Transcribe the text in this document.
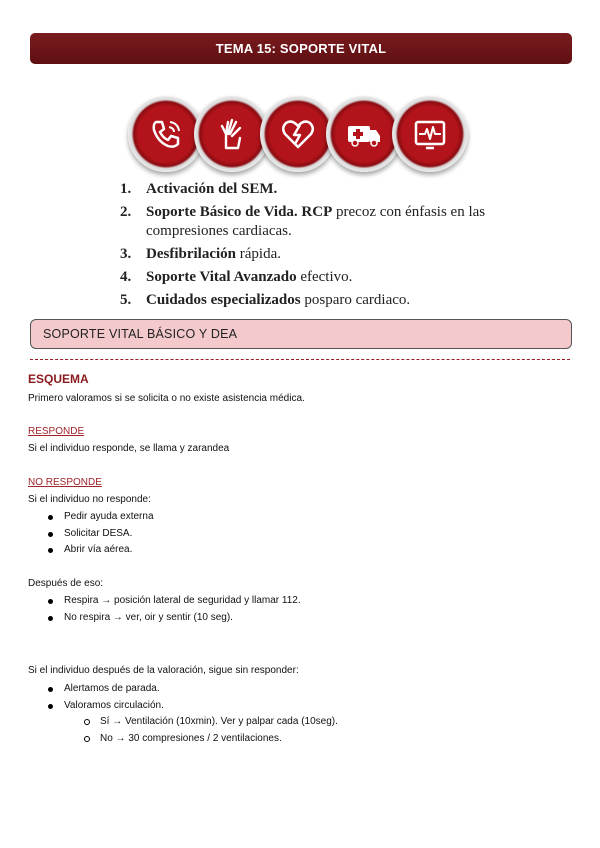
TEMA 15: SOPORTE VITAL
1. Activación del SEM.
2. Soporte Básico de Vida. RCP precoz con énfasis en las compresiones cardiacas.
3. Desfibrilación rápida.
4. Soporte Vital Avanzado efectivo.
5. Cuidados especializados posparo cardiaco.
SOPORTE VITAL BÁSICO Y DEA
ESQUEMA
Primero valoramos si se solicita o no existe asistencia médica.
RESPONDE
Si el individuo responde, se llama y zarandea
NO RESPONDE
Si el individuo no responde:
Pedir ayuda externa
Solicitar DESA.
Abrir vía aérea.
Después de eso:
Respira → posición lateral de seguridad y llamar 112.
No respira → ver, oir y sentir (10 seg).
Si el individuo después de la valoración, sigue sin responder:
Alertamos de parada.
Valoramos circulación.
Sí → Ventilación (10xmin). Ver y palpar cada (10seg).
No → 30 compresiones / 2 ventilaciones.
